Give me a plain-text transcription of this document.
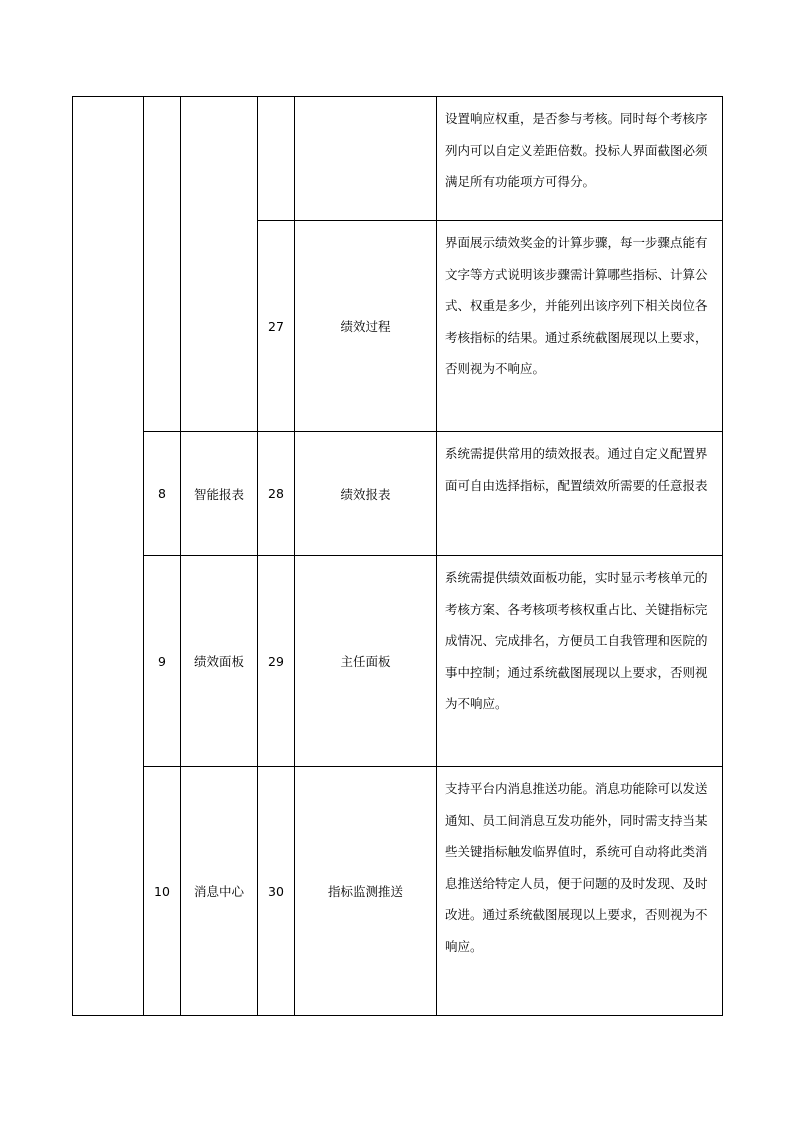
					设置响应权重，是否参与考核。同时每个考核序列内可以自定义差距倍数。投标人界面截图必须满足所有功能项方可得分。
			27	绩效过程	界面展示绩效奖金的计算步骤，每一步骤点能有文字等方式说明该步骤需计算哪些指标、计算公式、权重是多少，并能列出该序列下相关岗位各考核指标的结果。通过系统截图展现以上要求，否则视为不响应。
	8	智能报表	28	绩效报表	系统需提供常用的绩效报表。通过自定义配置界面可自由选择指标，配置绩效所需要的任意报表
	9	绩效面板	29	主任面板	系统需提供绩效面板功能，实时显示考核单元的考核方案、各考核项考核权重占比、关键指标完成情况、完成排名，方便员工自我管理和医院的事中控制；通过系统截图展现以上要求，否则视为不响应。
	10	消息中心	30	指标监测推送	支持平台内消息推送功能。消息功能除可以发送通知、员工间消息互发功能外，同时需支持当某些关键指标触发临界值时，系统可自动将此类消息推送给特定人员，便于问题的及时发现、及时改进。通过系统截图展现以上要求，否则视为不响应。
